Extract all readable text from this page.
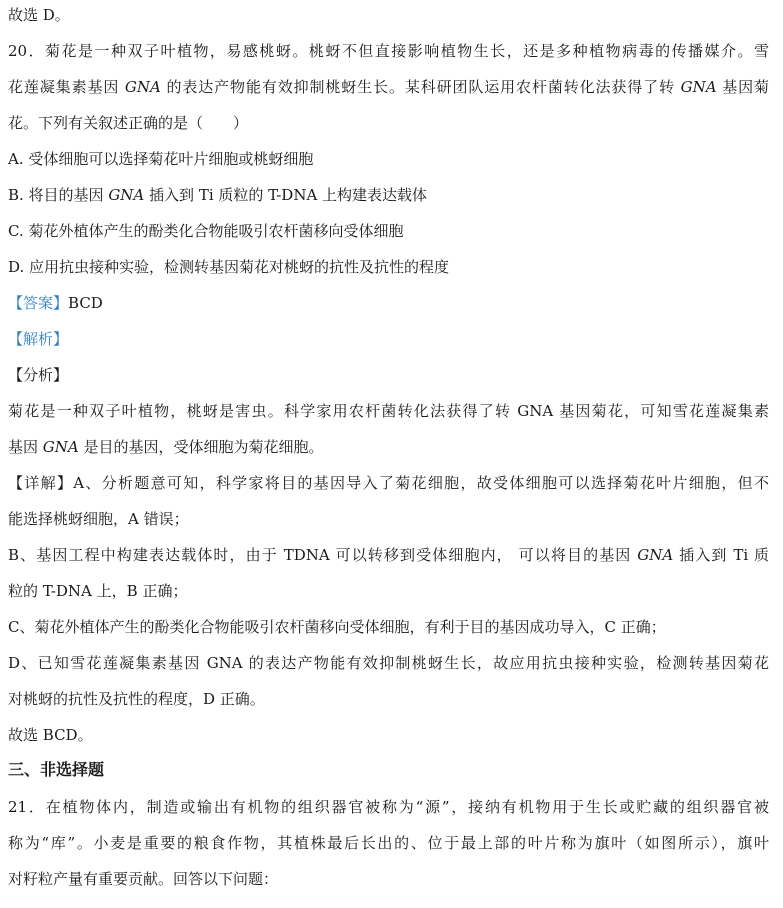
故选 D。
20．菊花是一种双子叶植物，易感桃蚜。桃蚜不但直接影响植物生长，还是多种植物病毒的传播媒介。雪
花莲凝集素基因 GNA 的表达产物能有效抑制桃蚜生长。某科研团队运用农杆菌转化法获得了转 GNA 基因菊
花。下列有关叙述正确的是（　　）
A. 受体细胞可以选择菊花叶片细胞或桃蚜细胞
B. 将目的基因 GNA 插入到 Ti 质粒的 T-DNA 上构建表达载体
C. 菊花外植体产生的酚类化合物能吸引农杆菌移向受体细胞
D. 应用抗虫接种实验，检测转基因菊花对桃蚜的抗性及抗性的程度
【答案】BCD
【解析】
【分析】
菊花是一种双子叶植物，桃蚜是害虫。科学家用农杆菌转化法获得了转 GNA 基因菊花，可知雪花莲凝集素
基因 GNA 是目的基因，受体细胞为菊花细胞。
【详解】A、分析题意可知，科学家将目的基因导入了菊花细胞，故受体细胞可以选择菊花叶片细胞，但不
能选择桃蚜细胞，A 错误；
B、基因工程中构建表达载体时，由于 TDNA 可以转移到受体细胞内， 可以将目的基因 GNA 插入到 Ti 质
粒的 T-DNA 上，B 正确；
C、菊花外植体产生的酚类化合物能吸引农杆菌移向受体细胞，有利于目的基因成功导入，C 正确；
D、已知雪花莲凝集素基因 GNA 的表达产物能有效抑制桃蚜生长，故应用抗虫接种实验，检测转基因菊花
对桃蚜的抗性及抗性的程度，D 正确。
故选 BCD。
三、非选择题
21．在植物体内，制造或输出有机物的组织器官被称为“源”，接纳有机物用于生长或贮藏的组织器官被
称为“库”。小麦是重要的粮食作物，其植株最后长出的、位于最上部的叶片称为旗叶（如图所示），旗叶
对籽粒产量有重要贡献。回答以下问题：
